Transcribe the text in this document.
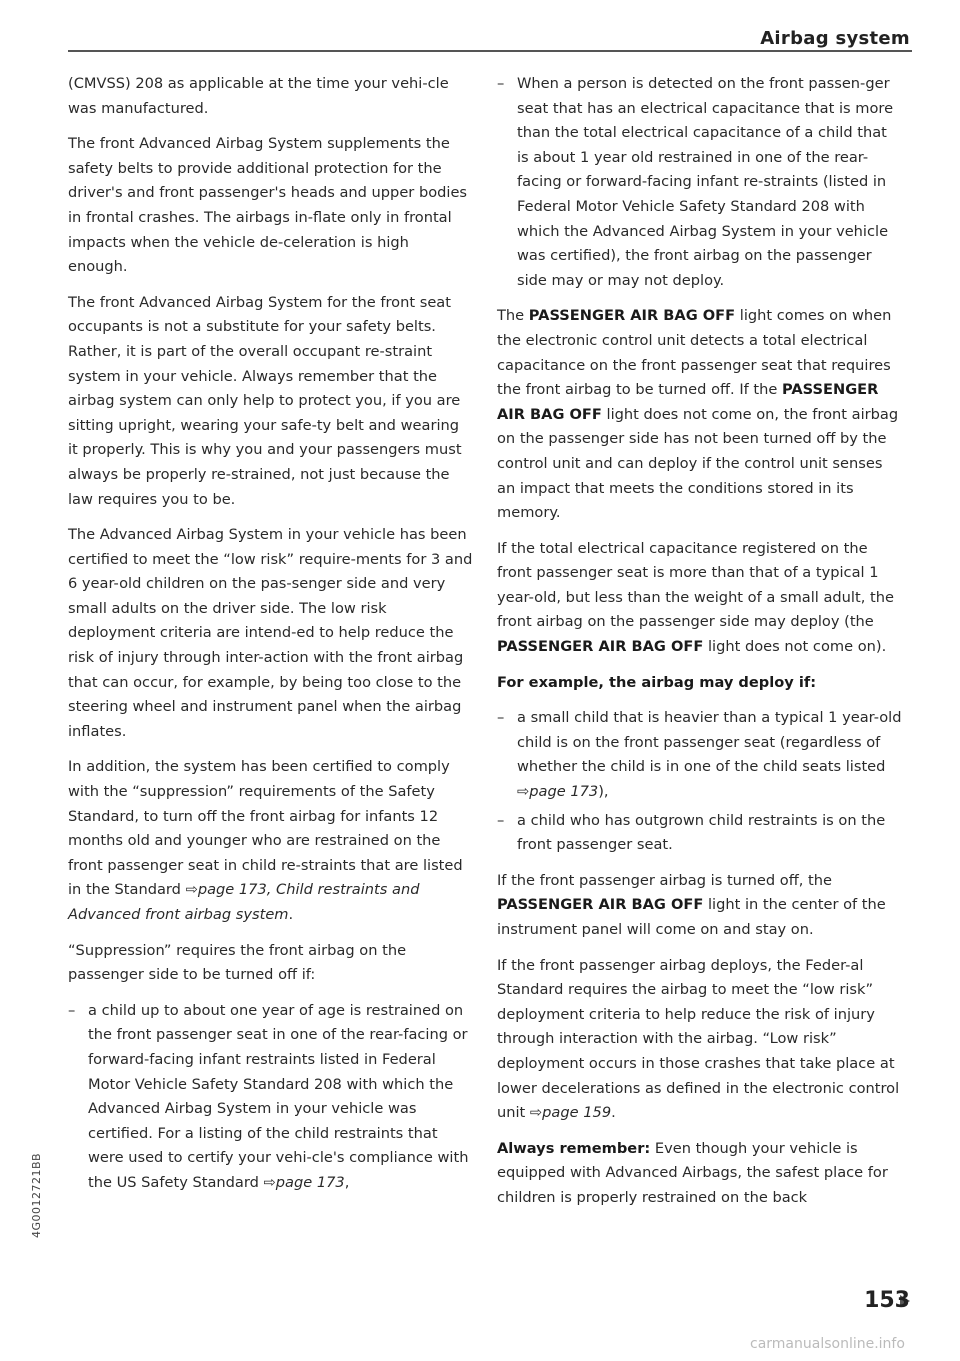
Airbag system

(CMVSS) 208 as applicable at the time your vehi-cle was manufactured.

The front Advanced Airbag System supplements the safety belts to provide additional protection for the driver's and front passenger's heads and upper bodies in frontal crashes. The airbags in-flate only in frontal impacts when the vehicle de-celeration is high enough.

The front Advanced Airbag System for the front seat occupants is not a substitute for your safety belts. Rather, it is part of the overall occupant re-straint system in your vehicle. Always remember that the airbag system can only help to protect you, if you are sitting upright, wearing your safe-ty belt and wearing it properly. This is why you and your passengers must always be properly re-strained, not just because the law requires you to be.

The Advanced Airbag System in your vehicle has been certified to meet the “low risk” require-ments for 3 and 6 year-old children on the pas-senger side and very small adults on the driver side. The low risk deployment criteria are intend-ed to help reduce the risk of injury through inter-action with the front airbag that can occur, for example, by being too close to the steering wheel and instrument panel when the airbag inflates.

In addition, the system has been certified to comply with the “suppression” requirements of the Safety Standard, to turn off the front airbag for infants 12 months old and younger who are restrained on the front passenger seat in child re-straints that are listed in the Standard ⇨page 173, Child restraints and Advanced front airbag system.

“Suppression” requires the front airbag on the passenger side to be turned off if:

– a child up to about one year of age is restrained on the front passenger seat in one of the rear-facing or forward-facing infant restraints listed in Federal Motor Vehicle Safety Standard 208 with which the Advanced Airbag System in your vehicle was certified. For a listing of the child restraints that were used to certify your vehi-cle's compliance with the US Safety Standard ⇨page 173,
– When a person is detected on the front passen-ger seat that has an electrical capacitance that is more than the total electrical capacitance of a child that is about 1 year old restrained in one of the rear-facing or forward-facing infant re-straints (listed in Federal Motor Vehicle Safety Standard 208 with which the Advanced Airbag System in your vehicle was certified), the front airbag on the passenger side may or may not deploy.

The PASSENGER AIR BAG OFF light comes on when the electronic control unit detects a total electrical capacitance on the front passenger seat that requires the front airbag to be turned off. If the PASSENGER AIR BAG OFF light does not come on, the front airbag on the passenger side has not been turned off by the control unit and can deploy if the control unit senses an impact that meets the conditions stored in its memory.

If the total electrical capacitance registered on the front passenger seat is more than that of a typical 1 year-old, but less than the weight of a small adult, the front airbag on the passenger side may deploy (the PASSENGER AIR BAG OFF light does not come on).

For example, the airbag may deploy if:

– a small child that is heavier than a typical 1 year-old child is on the front passenger seat (regardless of whether the child is in one of the child seats listed ⇨page 173),
– a child who has outgrown child restraints is on the front passenger seat.

If the front passenger airbag is turned off, the
PASSENGER AIR BAG OFF light in the center of the instrument panel will come on and stay on.

If the front passenger airbag deploys, the Feder-al Standard requires the airbag to meet the “low risk” deployment criteria to help reduce the risk of injury through interaction with the airbag. “Low risk” deployment occurs in those crashes that take place at lower decelerations as defined in the electronic control unit ⇨page 159.

Always remember: Even though your vehicle is equipped with Advanced Airbags, the safest place for children is properly restrained on the back

153
4G0012721BB
carmanualsonline.info
